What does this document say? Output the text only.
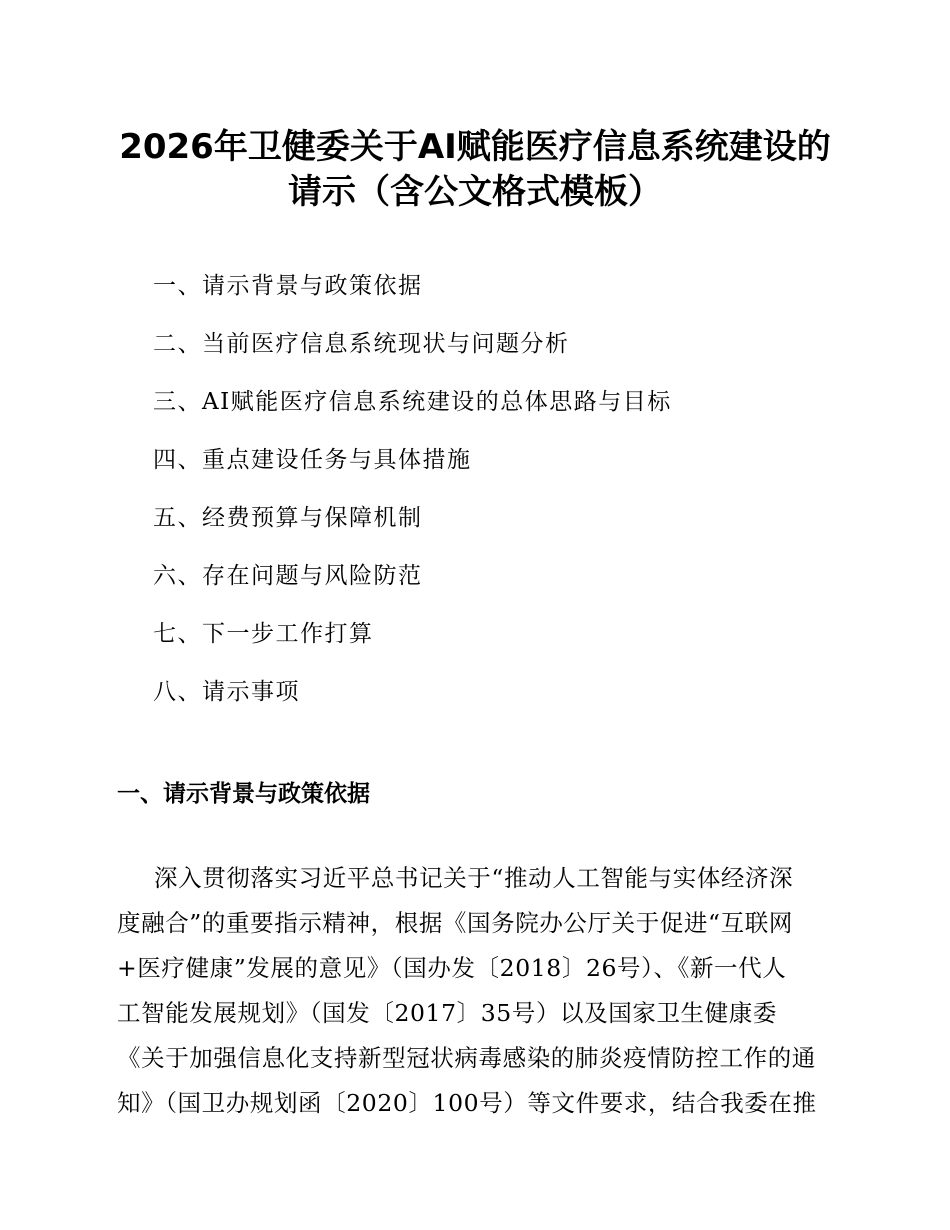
2026年卫健委关于AI赋能医疗信息系统建设的
请示（含公文格式模板）
一、请示背景与政策依据
二、当前医疗信息系统现状与问题分析
三、AI赋能医疗信息系统建设的总体思路与目标
四、重点建设任务与具体措施
五、经费预算与保障机制
六、存在问题与风险防范
七、下一步工作打算
八、请示事项
一、请示背景与政策依据
深入贯彻落实习近平总书记关于“推动人工智能与实体经济深
度融合”的重要指示精神，根据《国务院办公厅关于促进“互联网
+医疗健康”发展的意见》（国办发〔2018〕26号）、《新一代人
工智能发展规划》（国发〔2017〕35号）以及国家卫生健康委
《关于加强信息化支持新型冠状病毒感染的肺炎疫情防控工作的通
知》（国卫办规划函〔2020〕100号）等文件要求，结合我委在推
